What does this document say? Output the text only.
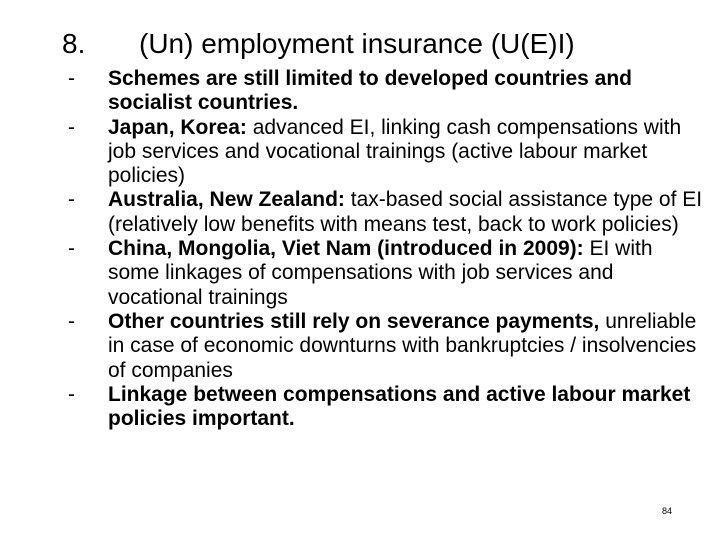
8. (Un) employment insurance (U(E)I)
- Schemes are still limited to developed countries and socialist countries.
- Japan, Korea: advanced EI, linking cash compensations with job services and vocational trainings (active labour market policies)
- Australia, New Zealand: tax-based social assistance type of EI (relatively low benefits with means test, back to work policies)
- China, Mongolia, Viet Nam (introduced in 2009): EI with some linkages of compensations with job services and vocational trainings
- Other countries still rely on severance payments, unreliable in case of economic downturns with bankruptcies / insolvencies of companies
- Linkage between compensations and active labour market policies important.
84
